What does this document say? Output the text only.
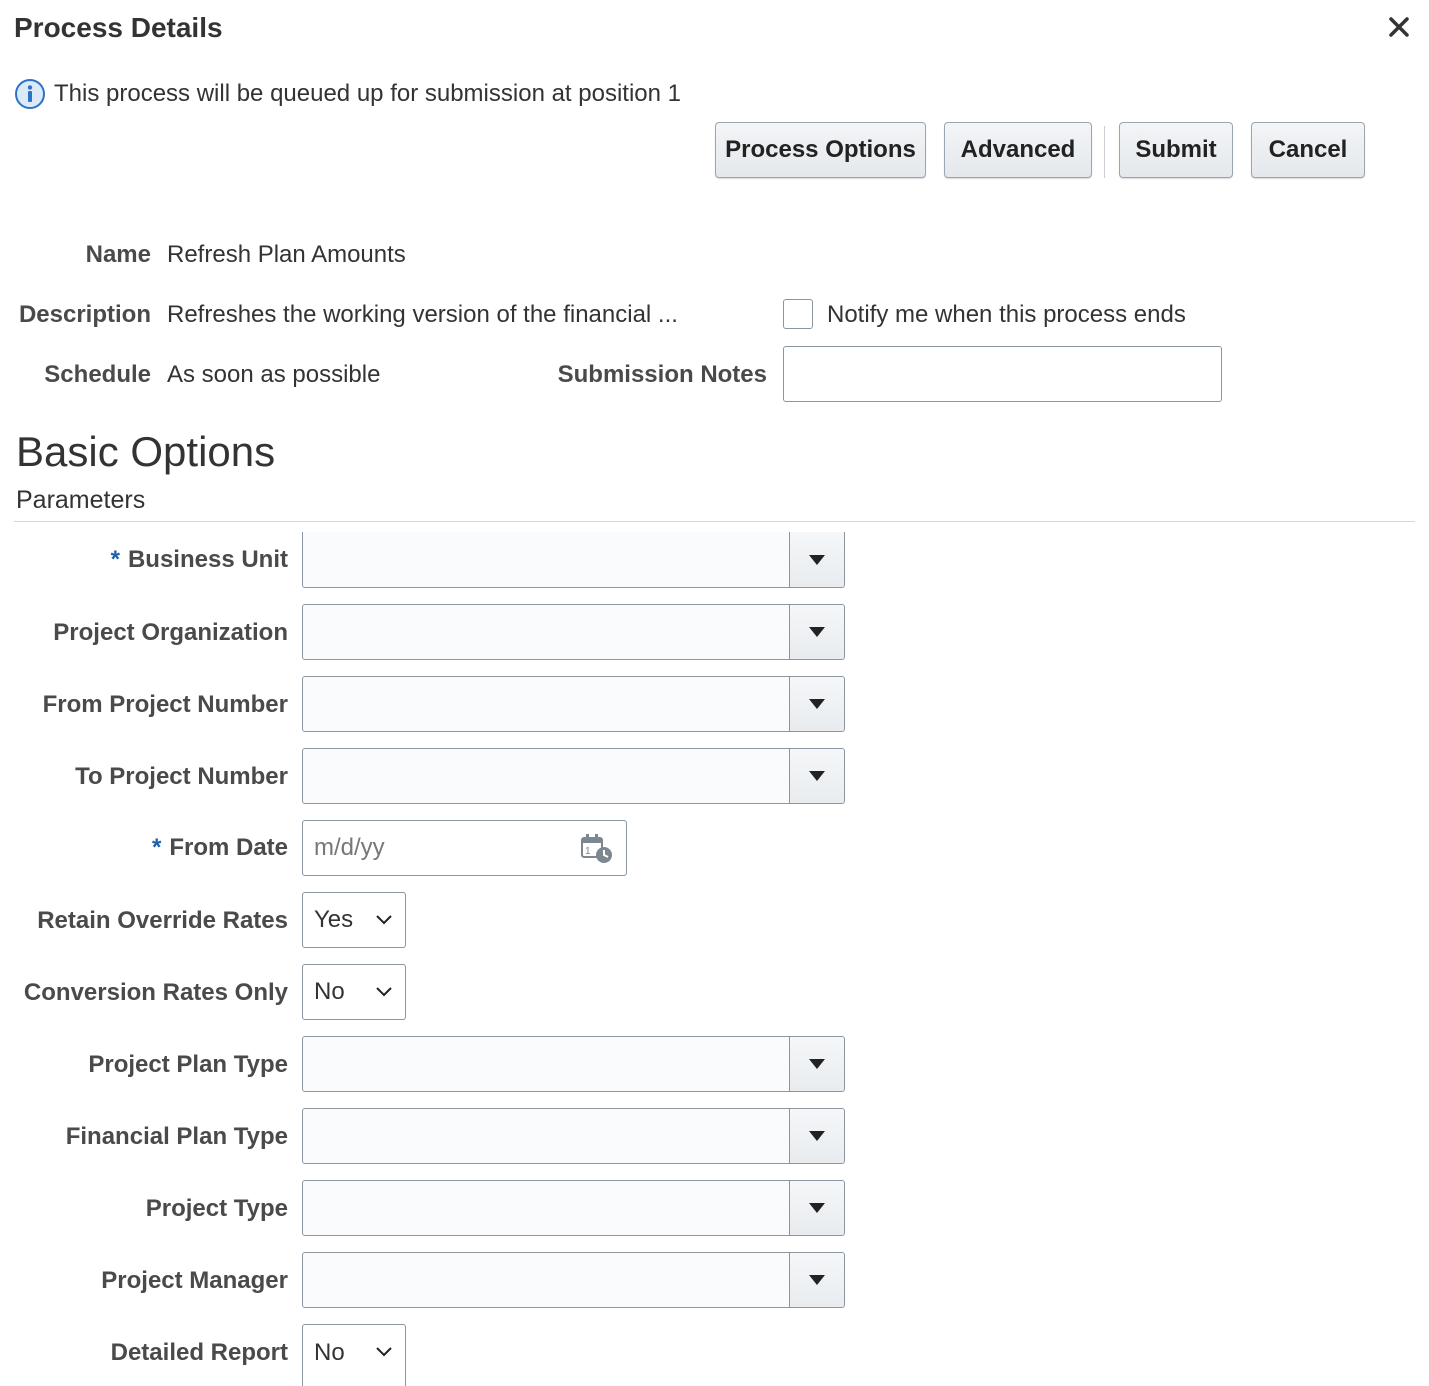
Process Details
This process will be queued up for submission at position 1
Process Options	Advanced	Submit	Cancel
Name Refresh Plan Amounts
Description Refreshes the working version of the financial ...	Notify me when this process ends
Schedule As soon as possible	Submission Notes
Basic Options
Parameters
* Business Unit
Project Organization
From Project Number
To Project Number
* From Date m/d/yy	1
Retain Override Rates Yes
Conversion Rates Only No
Project Plan Type
Financial Plan Type
Project Type
Project Manager
Detailed Report No
